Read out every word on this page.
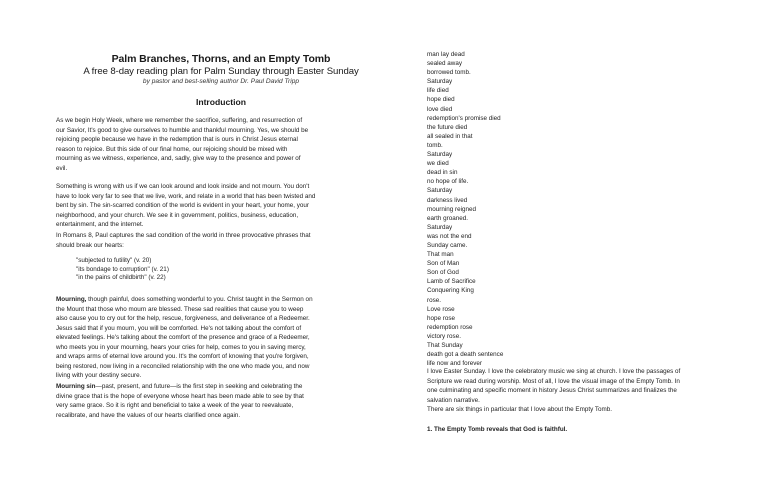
Palm Branches, Thorns, and an Empty Tomb
A free 8-day reading plan for Palm Sunday through Easter Sunday
by pastor and best-selling author Dr. Paul David Tripp
Introduction
As we begin Holy Week, where we remember the sacrifice, suffering, and resurrection of
our Savior, It's good to give ourselves to humble and thankful mourning. Yes, we should be
rejoicing people because we have in the redemption that is ours in Christ Jesus eternal
reason to rejoice. But this side of our final home, our rejoicing should be mixed with
mourning as we witness, experience, and, sadly, give way to the presence and power of
evil.
Something is wrong with us if we can look around and look inside and not mourn. You don't
have to look very far to see that we live, work, and relate in a world that has been twisted and
bent by sin. The sin-scarred condition of the world is evident in your heart, your home, your
neighborhood, and your church. We see it in government, politics, business, education,
entertainment, and the internet.
In Romans 8, Paul captures the sad condition of the world in three provocative phrases that
should break our hearts:
"subjected to futility" (v. 20)
"its bondage to corruption" (v. 21)
"in the pains of childbirth" (v. 22)
Mourning, though painful, does something wonderful to you. Christ taught in the Sermon on
the Mount that those who mourn are blessed. These sad realities that cause you to weep
also cause you to cry out for the help, rescue, forgiveness, and deliverance of a Redeemer.
Jesus said that if you mourn, you will be comforted. He's not talking about the comfort of
elevated feelings. He's talking about the comfort of the presence and grace of a Redeemer,
who meets you in your mourning, hears your cries for help, comes to you in saving mercy,
and wraps arms of eternal love around you. It's the comfort of knowing that you're forgiven,
being restored, now living in a reconciled relationship with the one who made you, and now
living with your destiny secure.
Mourning sin—past, present, and future—is the first step in seeking and celebrating the
divine grace that is the hope of everyone whose heart has been made able to see by that
very same grace. So it is right and beneficial to take a week of the year to reevaluate,
recalibrate, and have the values of our hearts clarified once again.
man lay dead
sealed away
borrowed tomb.
Saturday
life died
hope died
love died
redemption's promise died
the future died
all sealed in that
tomb.
Saturday
we died
dead in sin
no hope of life.
Saturday
darkness lived
mourning reigned
earth groaned.
Saturday
was not the end
Sunday came.
That man
Son of Man
Son of God
Lamb of Sacrifice
Conquering King
rose.
Love rose
hope rose
redemption rose
victory rose.
That Sunday
death got a death sentence
life now and forever
I love Easter Sunday. I love the celebratory music we sing at church. I love the passages of
Scripture we read during worship. Most of all, I love the visual image of the Empty Tomb. In
one culminating and specific moment in history Jesus Christ summarizes and finalizes the
salvation narrative.
There are six things in particular that I love about the Empty Tomb.
1. The Empty Tomb reveals that God is faithful.
